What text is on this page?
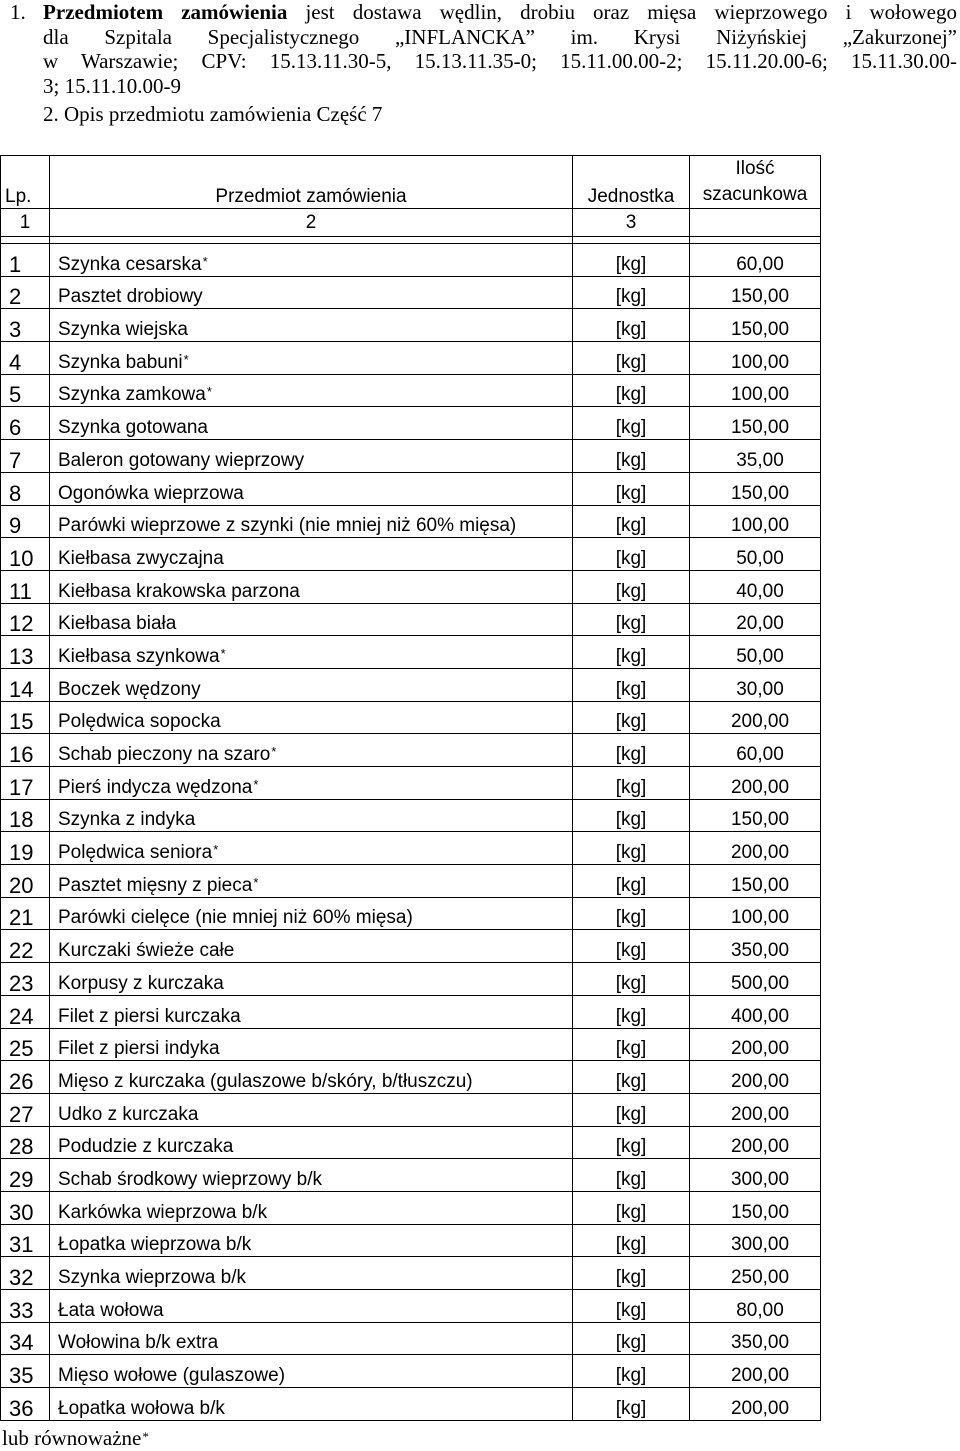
1. Przedmiotem zamówienia jest dostawa wędlin, drobiu oraz mięsa wieprzowego i wołowego
dla Szpitala Specjalistycznego „INFLANCKA” im. Krysi Niżyńskiej „Zakurzonej”
w Warszawie; CPV: 15.13.11.30-5, 15.13.11.35-0; 15.11.00.00-2; 15.11.20.00-6; 15.11.30.00-
3; 15.11.10.00-9
2. Opis przedmiotu zamówienia Część 7
Lp.	Przedmiot zamówienia	Jednostka	Ilość
szacunkowa
1	2	3	

1	Szynka cesarska*	[kg]	60,00
2	Pasztet drobiowy	[kg]	150,00
3	Szynka wiejska	[kg]	150,00
4	Szynka babuni*	[kg]	100,00
5	Szynka zamkowa*	[kg]	100,00
6	Szynka gotowana	[kg]	150,00
7	Baleron gotowany wieprzowy	[kg]	35,00
8	Ogonówka wieprzowa	[kg]	150,00
9	Parówki wieprzowe z szynki (nie mniej niż 60% mięsa)	[kg]	100,00
10	Kiełbasa zwyczajna	[kg]	50,00
11	Kiełbasa krakowska parzona	[kg]	40,00
12	Kiełbasa biała	[kg]	20,00
13	Kiełbasa szynkowa*	[kg]	50,00
14	Boczek wędzony	[kg]	30,00
15	Polędwica sopocka	[kg]	200,00
16	Schab pieczony na szaro*	[kg]	60,00
17	Pierś indycza wędzona*	[kg]	200,00
18	Szynka z indyka	[kg]	150,00
19	Polędwica seniora*	[kg]	200,00
20	Pasztet mięsny z pieca*	[kg]	150,00
21	Parówki cielęce (nie mniej niż 60% mięsa)	[kg]	100,00
22	Kurczaki świeże całe	[kg]	350,00
23	Korpusy z kurczaka	[kg]	500,00
24	Filet z piersi kurczaka	[kg]	400,00
25	Filet z piersi indyka	[kg]	200,00
26	Mięso z kurczaka (gulaszowe b/skóry, b/tłuszczu)	[kg]	200,00
27	Udko z kurczaka	[kg]	200,00
28	Podudzie z kurczaka	[kg]	200,00
29	Schab środkowy wieprzowy b/k	[kg]	300,00
30	Karkówka wieprzowa b/k	[kg]	150,00
31	Łopatka wieprzowa b/k	[kg]	300,00
32	Szynka wieprzowa b/k	[kg]	250,00
33	Łata wołowa	[kg]	80,00
34	Wołowina b/k extra	[kg]	350,00
35	Mięso wołowe (gulaszowe)	[kg]	200,00
36	Łopatka wołowa b/k	[kg]	200,00
lub równoważne*
